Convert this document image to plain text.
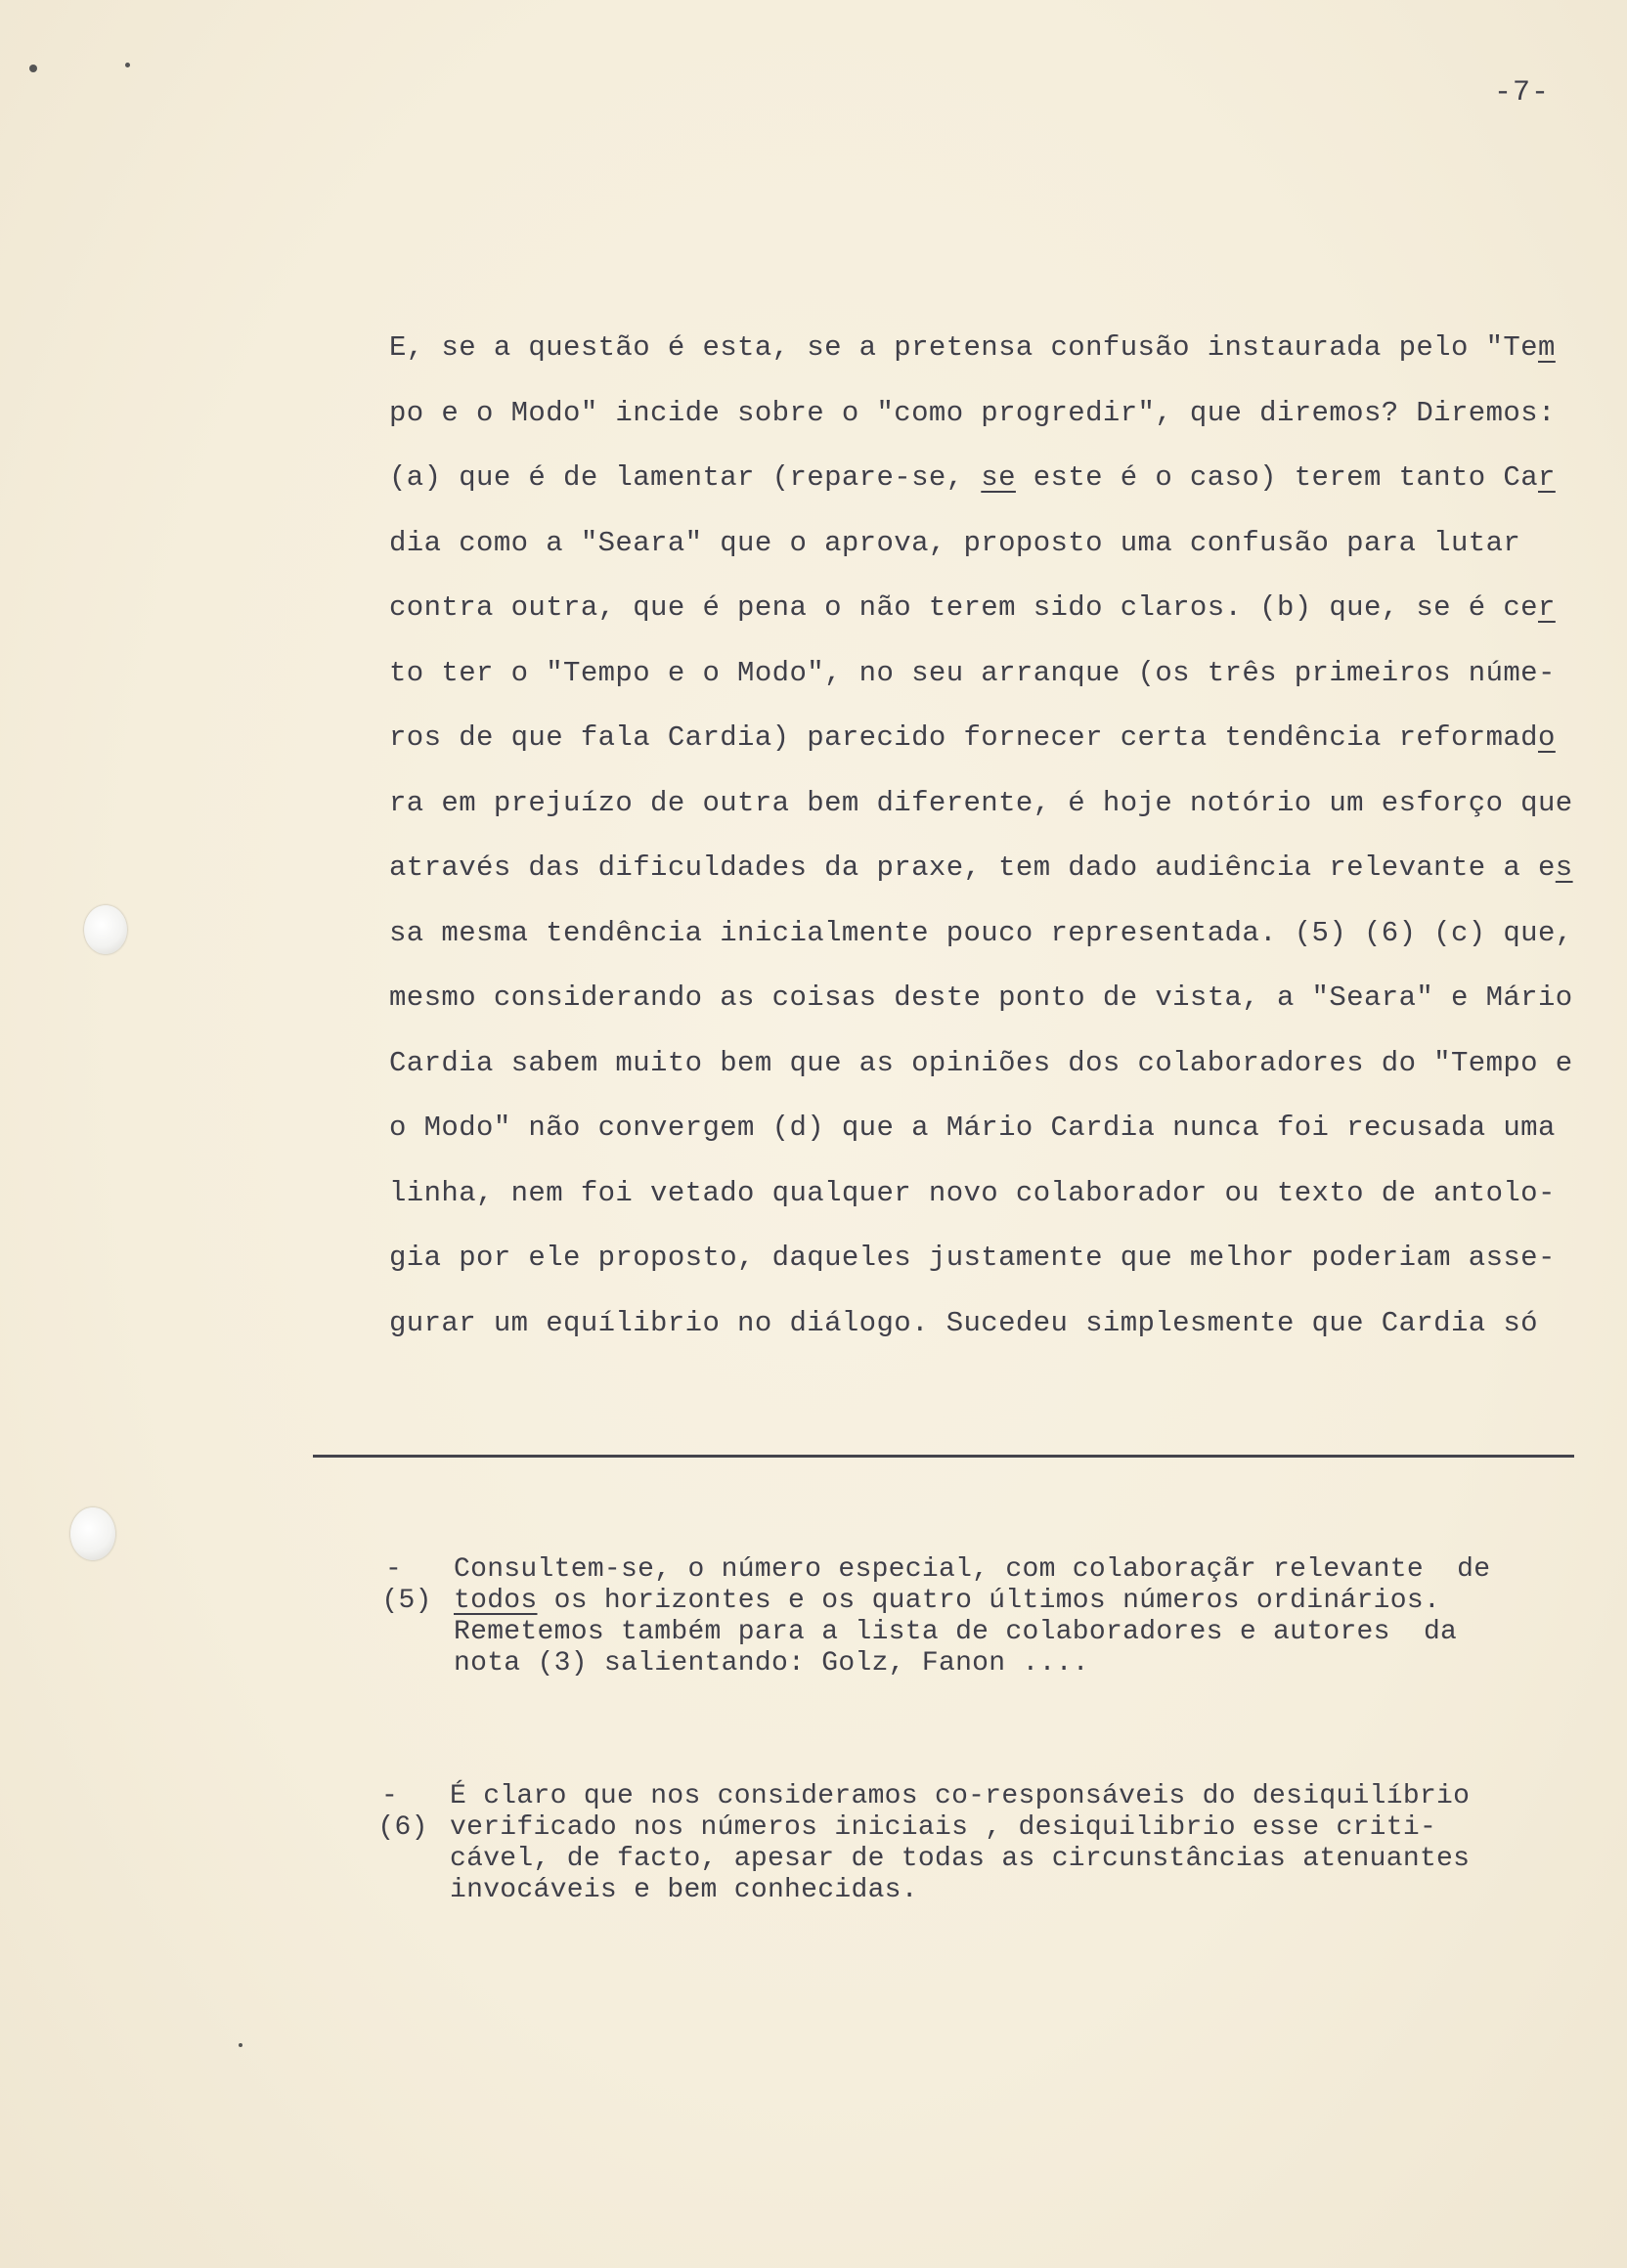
-7-
E, se a questão é esta, se a pretensa confusão instaurada pelo "Tem
po e o Modo" incide sobre o "como progredir", que diremos? Diremos:
(a) que é de lamentar (repare-se, se este é o caso) terem tanto Car
dia como a "Seara" que o aprova, proposto uma confusão para lutar
contra outra, que é pena o não terem sido claros. (b) que, se é cer
to ter o "Tempo e o Modo", no seu arranque (os três primeiros núme-
ros de que fala Cardia) parecido fornecer certa tendência reformado
ra em prejuízo de outra bem diferente, é hoje notório um esforço que
através das dificuldades da praxe, tem dado audiência relevante a es
sa mesma tendência inicialmente pouco representada. (5) (6) (c) que,
mesmo considerando as coisas deste ponto de vista, a "Seara" e Mário
Cardia sabem muito bem que as opiniões dos colaboradores do "Tempo e
o Modo" não convergem (d) que a Mário Cardia nunca foi recusada uma
linha, nem foi vetado qualquer novo colaborador ou texto de antolo-
gia por ele proposto, daqueles justamente que melhor poderiam asse-
gurar um equílibrio no diálogo. Sucedeu simplesmente que Cardia só

(5)

-

Consultem-se, o número especial, com colaboraçãr relevante  de
todos os horizontes e os quatro últimos números ordinários.
Remetemos também para a lista de colaboradores e autores  da
nota (3) salientando: Golz, Fanon ....

(6)

-

É claro que nos consideramos co-responsáveis do desiquilíbrio
verificado nos números iniciais , desiquilibrio esse criti-
cável, de facto, apesar de todas as circunstâncias atenuantes
invocáveis e bem conhecidas.
